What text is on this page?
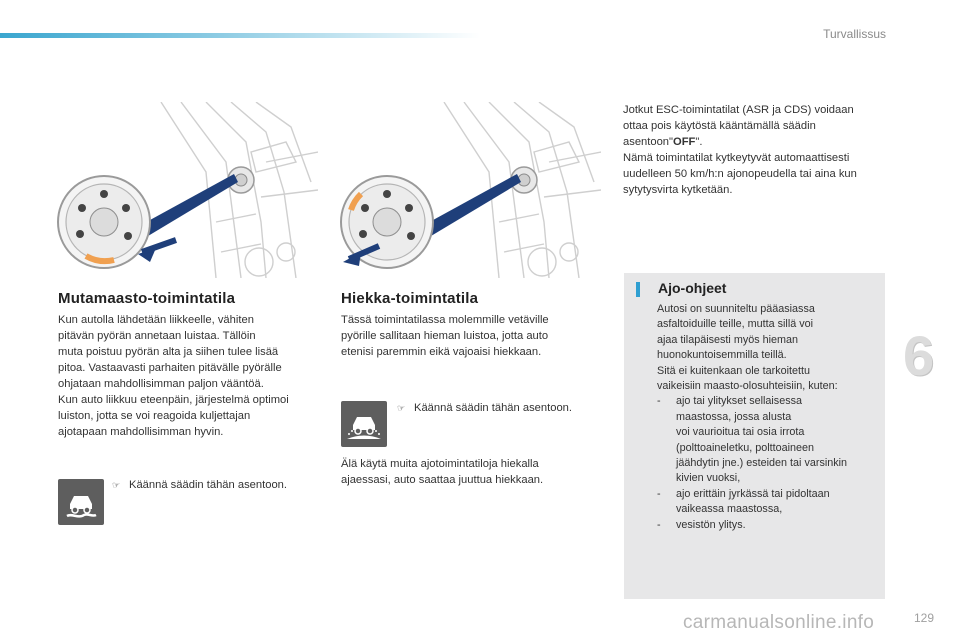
Turvallissus
Mutamaasto-toimintatila

Kun autolla lähdetään liikkeelle, vähiten
pitävän pyörän annetaan luistaa. Tällöin
muta poistuu pyörän alta ja siihen tulee lisää
pitoa. Vastaavasti parhaiten pitävälle pyörälle
ohjataan mahdollisimman paljon vääntöä.
Kun auto liikkuu eteenpäin, järjestelmä optimoi
luiston, jotta se voi reagoida kuljettajan
ajotapaan mahdollisimman hyvin.

☞ Käännä säädin tähän asentoon.
Hiekka-toimintatila

Tässä toimintatilassa molemmille vetäville
pyörille sallitaan hieman luistoa, jotta auto
etenisi paremmin eikä vajoaisi hiekkaan.

☞ Käännä säädin tähän asentoon.

Älä käytä muita ajotoimintatiloja hiekalla
ajaessasi, auto saattaa juuttua hiekkaan.

Jotkut ESC-toimintatilat (ASR ja CDS) voidaan
ottaa pois käytöstä kääntämällä säädin
asentoon"OFF".
Nämä toimintatilat kytkeytyvät automaattisesti
uudelleen 50 km/h:n ajonopeudella tai aina kun
sytytysvirta kytketään.

Ajo-ohjeet

Autosi on suunniteltu pääasiassa
asfaltoiduille teille, mutta sillä voi
ajaa tilapäisesti myös hieman
huonokuntoisemmilla teillä.
Sitä ei kuitenkaan ole tarkoitettu
vaikeisiin maasto-olosuhteisiin, kuten:

- ajo tai ylitykset sellaisessa
maastossa, jossa alusta
voi vaurioitua tai osia irrota
(polttoaineletku, polttoaineen
jäähdytin jne.) esteiden tai varsinkin
kivien vuoksi,
- ajo erittäin jyrkässä tai pidoltaan
vaikeassa maastossa,
- vesistön ylitys.
6
carmanualsonline.info	129
